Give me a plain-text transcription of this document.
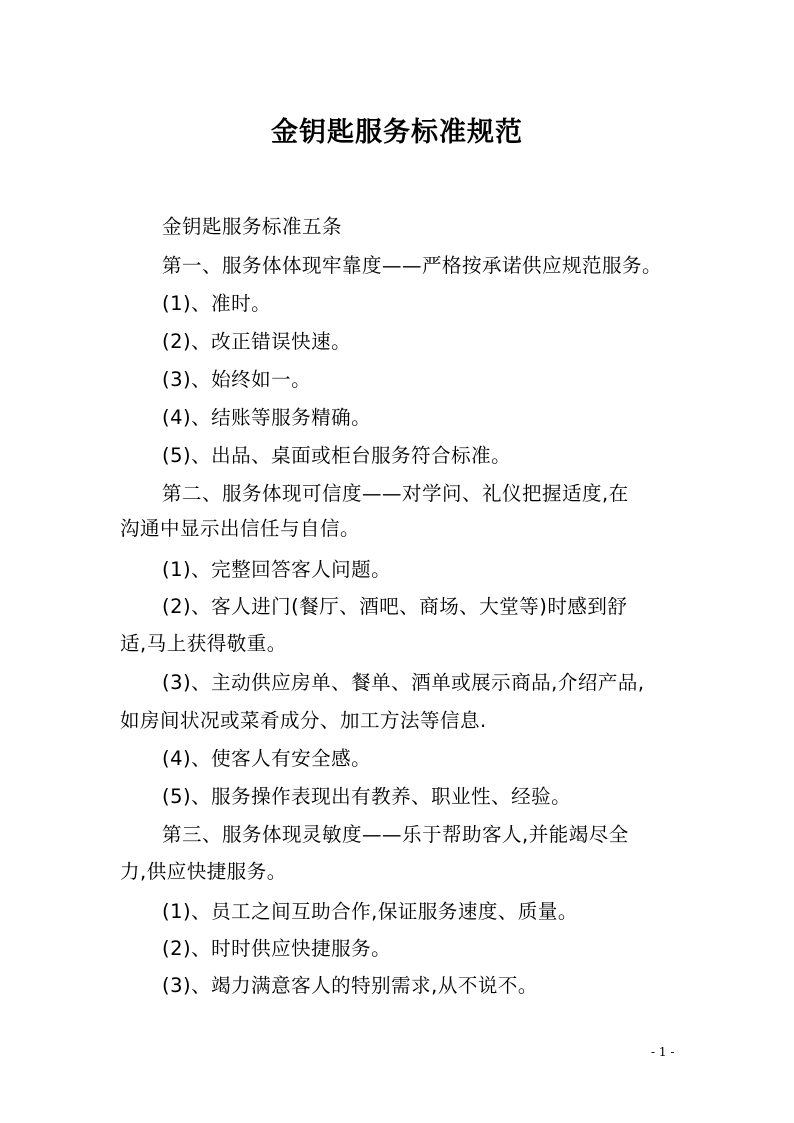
金钥匙服务标准规范
金钥匙服务标准五条
第一、服务体体现牢靠度——严格按承诺供应规范服务。
(1)、准时。
(2)、改正错误快速。
(3)、始终如一。
(4)、结账等服务精确。
(5)、出品、桌面或柜台服务符合标准。
第二、服务体现可信度——对学问、礼仪把握适度,在
沟通中显示出信任与自信。
(1)、完整回答客人问题。
(2)、客人进门(餐厅、酒吧、商场、大堂等)时感到舒
适,马上获得敬重。
(3)、主动供应房单、餐单、酒单或展示商品,介绍产品,
如房间状况或菜肴成分、加工方法等信息.
(4)、使客人有安全感。
(5)、服务操作表现出有教养、职业性、经验。
第三、服务体现灵敏度——乐于帮助客人,并能竭尽全
力,供应快捷服务。
(1)、员工之间互助合作,保证服务速度、质量。
(2)、时时供应快捷服务。
(3)、竭力满意客人的特别需求,从不说不。
- 1 -
